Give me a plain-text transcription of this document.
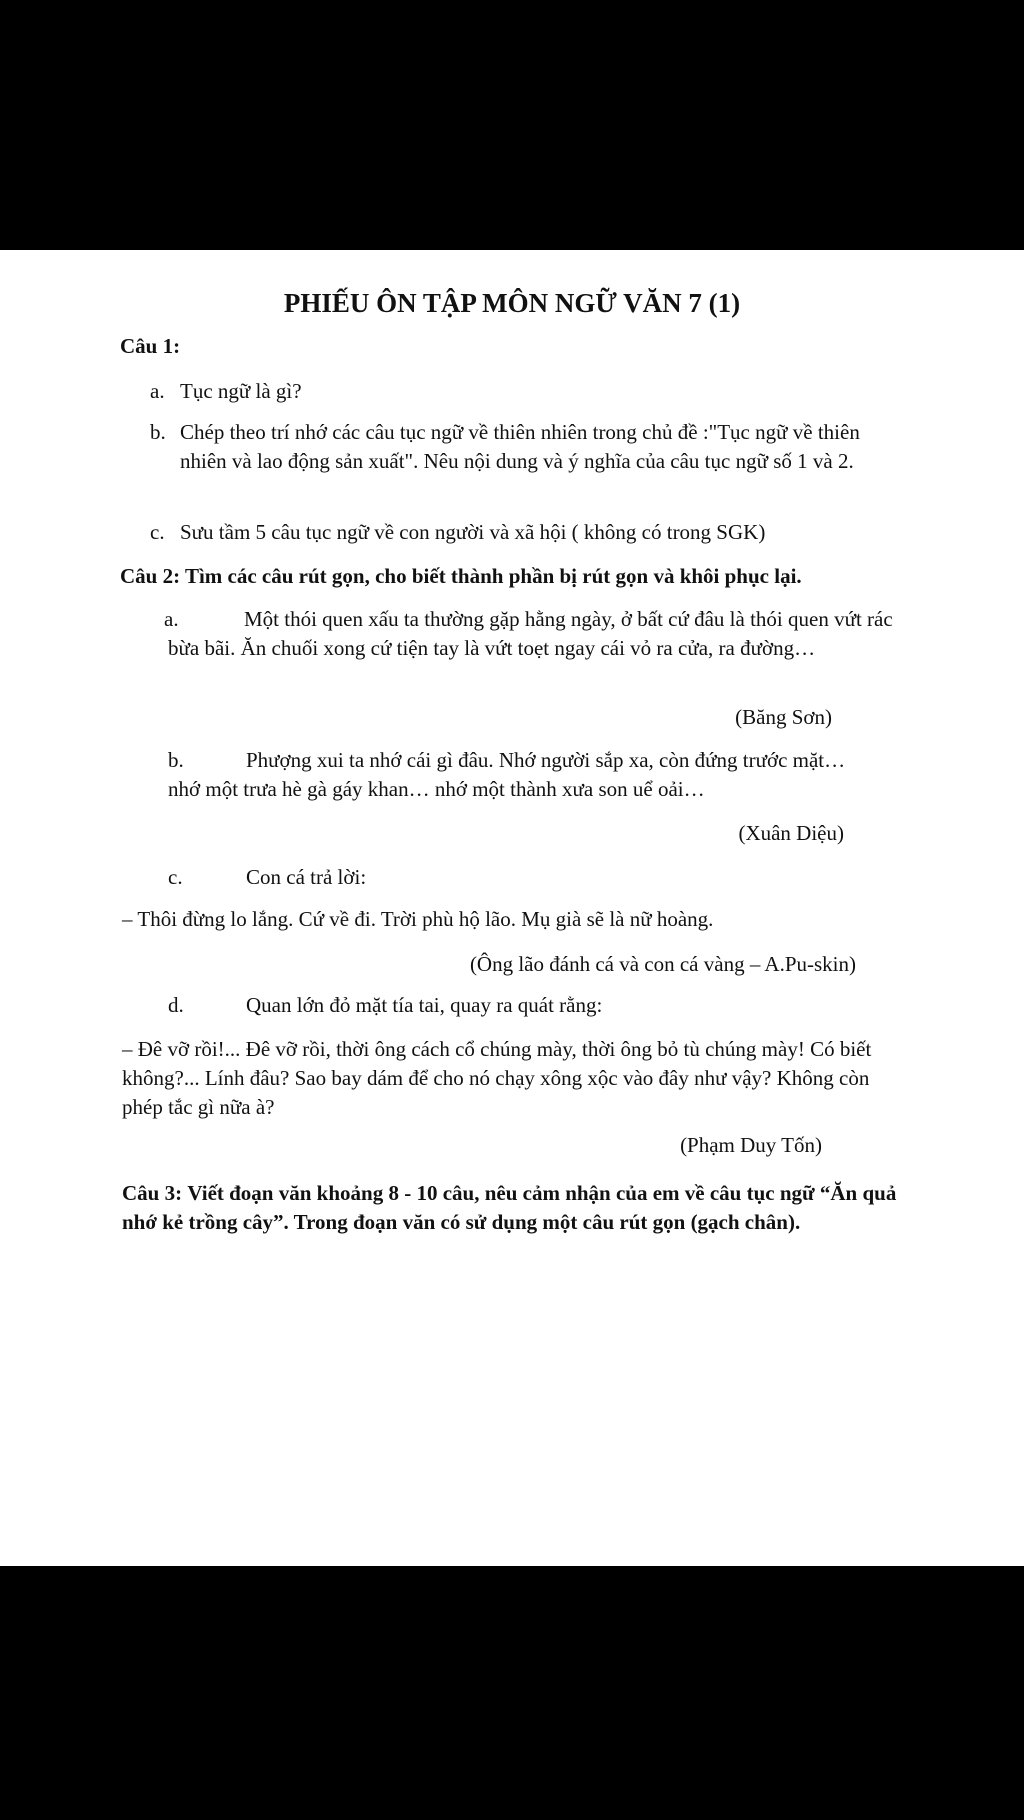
PHIẾU ÔN TẬP MÔN NGỮ VĂN 7 (1)
Câu 1:
a. Tục ngữ là gì?
b. Chép theo trí nhớ các câu tục ngữ về thiên nhiên trong chủ đề :"Tục ngữ về thiên nhiên và lao động sản xuất". Nêu nội dung và ý nghĩa của câu tục ngữ số 1 và 2.
c. Sưu tầm 5 câu tục ngữ về con người và xã hội ( không có trong SGK)
Câu 2: Tìm các câu rút gọn, cho biết thành phần bị rút gọn và khôi phục lại.
a.	Một thói quen xấu ta thường gặp hằng ngày, ở bất cứ đâu là thói quen vứt rác bừa bãi. Ăn chuối xong cứ tiện tay là vứt toẹt ngay cái vỏ ra cửa, ra đường…
(Băng Sơn)
b.	Phượng xui ta nhớ cái gì đâu. Nhớ người sắp xa, còn đứng trước mặt… nhớ một trưa hè gà gáy khan… nhớ một thành xưa son uể oải…
(Xuân Diệu)
c.	Con cá trả lời:
– Thôi đừng lo lắng. Cứ về đi. Trời phù hộ lão. Mụ già sẽ là nữ hoàng.
(Ông lão đánh cá và con cá vàng – A.Pu-skin)
d.	Quan lớn đỏ mặt tía tai, quay ra quát rằng:
– Đê vỡ rồi!... Đê vỡ rồi, thời ông cách cổ chúng mày, thời ông bỏ tù chúng mày! Có biết không?... Lính đâu? Sao bay dám để cho nó chạy xông xộc vào đây như vậy? Không còn phép tắc gì nữa à?
(Phạm Duy Tốn)
Câu 3: Viết đoạn văn khoảng 8 - 10 câu, nêu cảm nhận của em về câu tục ngữ “Ăn quả nhớ kẻ trồng cây”. Trong đoạn văn có sử dụng một câu rút gọn (gạch chân).
